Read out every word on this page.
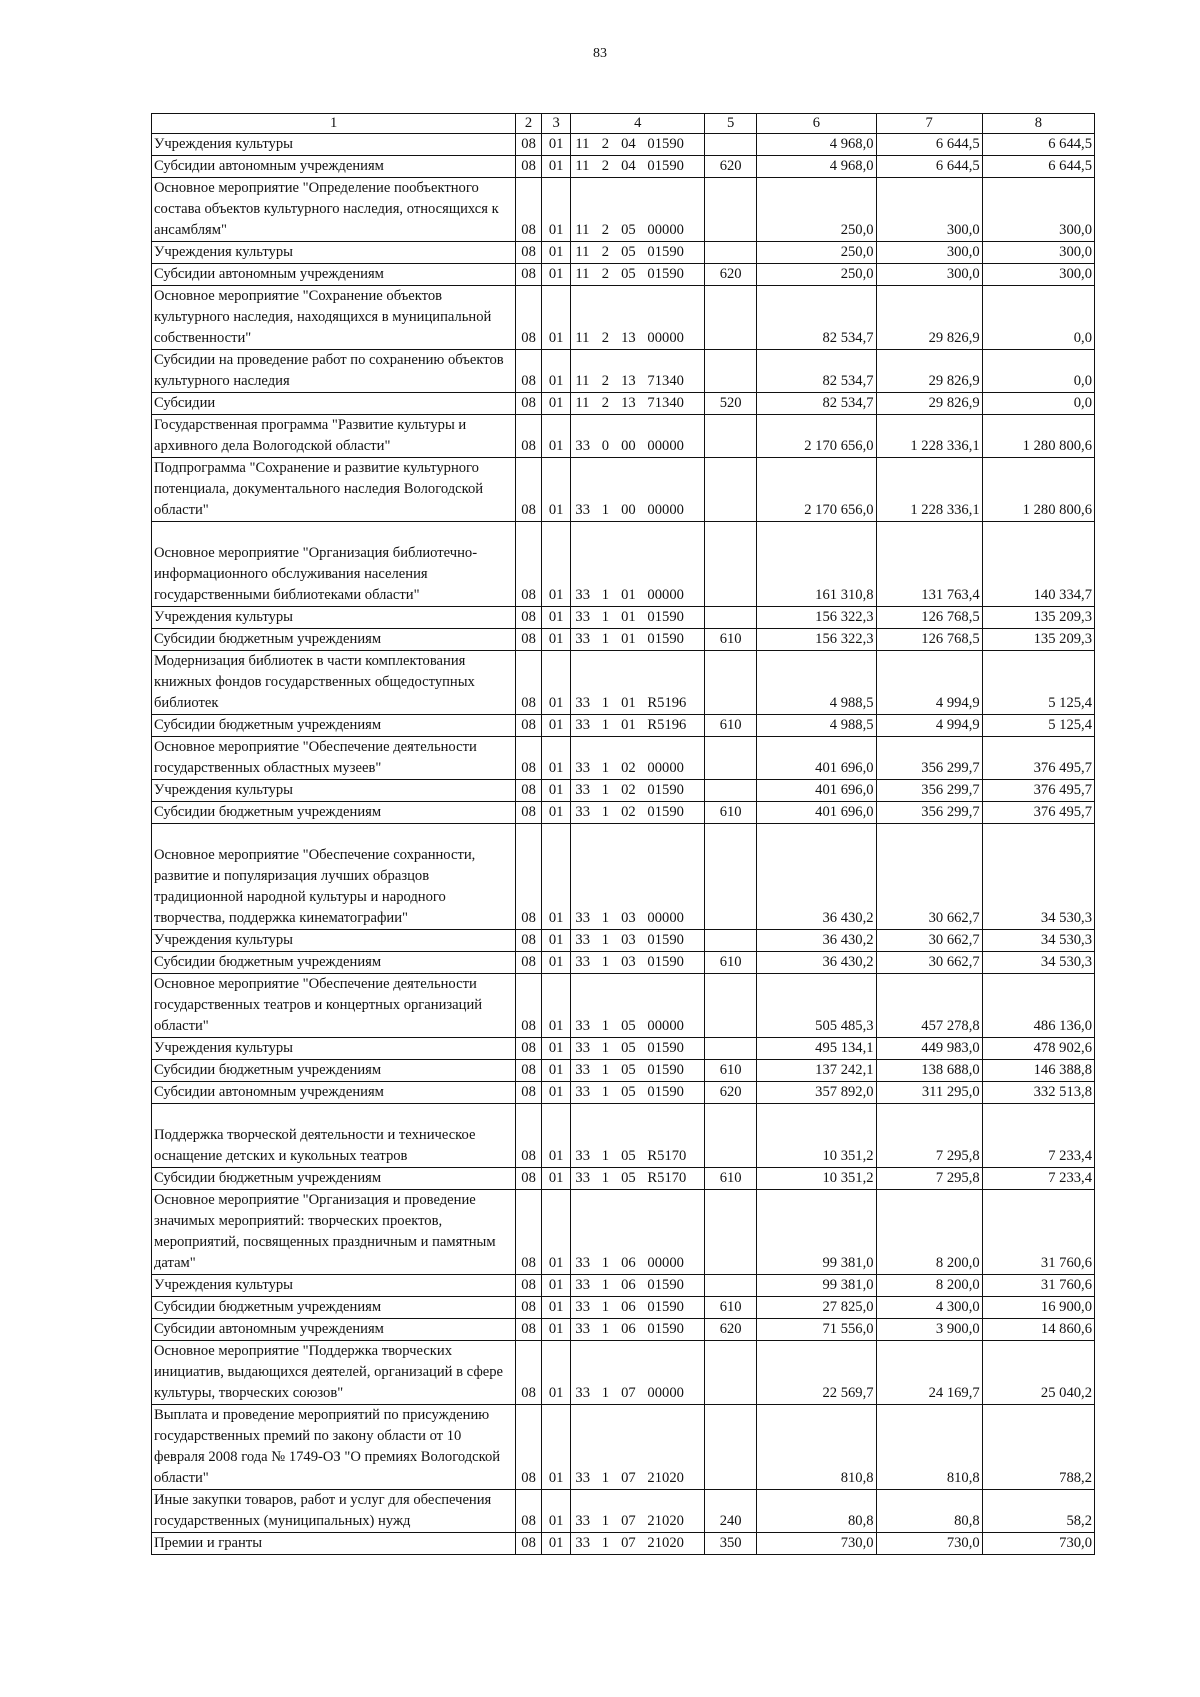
83
1	2	3	4	5	6	7	8
Учреждения культуры	08	01	11 2 04 01590		4 968,0	6 644,5	6 644,5
Субсидии автономным учреждениям	08	01	11 2 04 01590	620	4 968,0	6 644,5	6 644,5
Основное мероприятие "Определение пообъектного состава объектов культурного наследия, относящихся к ансамблям"	08	01	11 2 05 00000		250,0	300,0	300,0
Учреждения культуры	08	01	11 2 05 01590		250,0	300,0	300,0
Субсидии автономным учреждениям	08	01	11 2 05 01590	620	250,0	300,0	300,0
Основное мероприятие "Сохранение объектов культурного наследия, находящихся в муниципальной собственности"	08	01	11 2 13 00000		82 534,7	29 826,9	0,0
Субсидии на проведение работ по сохранению объектов культурного наследия	08	01	11 2 13 71340		82 534,7	29 826,9	0,0
Субсидии	08	01	11 2 13 71340	520	82 534,7	29 826,9	0,0
Государственная программа "Развитие культуры и архивного дела Вологодской области"	08	01	33 0 00 00000		2 170 656,0	1 228 336,1	1 280 800,6
Подпрограмма "Сохранение и развитие культурного потенциала, документального наследия Вологодской области"	08	01	33 1 00 00000		2 170 656,0	1 228 336,1	1 280 800,6

Основное мероприятие "Организация библиотечно-информационного обслуживания населения государственными библиотеками области"	08	01	33 1 01 00000		161 310,8	131 763,4	140 334,7
Учреждения культуры	08	01	33 1 01 01590		156 322,3	126 768,5	135 209,3
Субсидии бюджетным учреждениям	08	01	33 1 01 01590	610	156 322,3	126 768,5	135 209,3
Модернизация библиотек в части комплектования книжных фондов государственных общедоступных библиотек	08	01	33 1 01 R5196		4 988,5	4 994,9	5 125,4
Субсидии бюджетным учреждениям	08	01	33 1 01 R5196	610	4 988,5	4 994,9	5 125,4
Основное мероприятие "Обеспечение деятельности государственных областных музеев"	08	01	33 1 02 00000		401 696,0	356 299,7	376 495,7
Учреждения культуры	08	01	33 1 02 01590		401 696,0	356 299,7	376 495,7
Субсидии бюджетным учреждениям	08	01	33 1 02 01590	610	401 696,0	356 299,7	376 495,7

Основное мероприятие "Обеспечение сохранности, развитие и популяризация лучших образцов традиционной народной культуры и народного творчества, поддержка кинематографии"	08	01	33 1 03 00000		36 430,2	30 662,7	34 530,3
Учреждения культуры	08	01	33 1 03 01590		36 430,2	30 662,7	34 530,3
Субсидии бюджетным учреждениям	08	01	33 1 03 01590	610	36 430,2	30 662,7	34 530,3
Основное мероприятие "Обеспечение деятельности государственных театров и концертных организаций области"	08	01	33 1 05 00000		505 485,3	457 278,8	486 136,0
Учреждения культуры	08	01	33 1 05 01590		495 134,1	449 983,0	478 902,6
Субсидии бюджетным учреждениям	08	01	33 1 05 01590	610	137 242,1	138 688,0	146 388,8
Субсидии автономным учреждениям	08	01	33 1 05 01590	620	357 892,0	311 295,0	332 513,8

Поддержка творческой деятельности и техническое оснащение детских и кукольных театров	08	01	33 1 05 R5170		10 351,2	7 295,8	7 233,4
Субсидии бюджетным учреждениям	08	01	33 1 05 R5170	610	10 351,2	7 295,8	7 233,4
Основное мероприятие "Организация и проведение значимых мероприятий: творческих проектов, мероприятий, посвященных праздничным и памятным датам"	08	01	33 1 06 00000		99 381,0	8 200,0	31 760,6
Учреждения культуры	08	01	33 1 06 01590		99 381,0	8 200,0	31 760,6
Субсидии бюджетным учреждениям	08	01	33 1 06 01590	610	27 825,0	4 300,0	16 900,0
Субсидии автономным учреждениям	08	01	33 1 06 01590	620	71 556,0	3 900,0	14 860,6
Основное мероприятие "Поддержка творческих инициатив, выдающихся деятелей, организаций в сфере культуры, творческих союзов"	08	01	33 1 07 00000		22 569,7	24 169,7	25 040,2
Выплата и проведение мероприятий по присуждению государственных премий по закону области от 10 февраля 2008 года № 1749-ОЗ "О премиях Вологодской области"	08	01	33 1 07 21020		810,8	810,8	788,2
Иные закупки товаров, работ и услуг для обеспечения государственных (муниципальных) нужд	08	01	33 1 07 21020	240	80,8	80,8	58,2
Премии и гранты	08	01	33 1 07 21020	350	730,0	730,0	730,0
